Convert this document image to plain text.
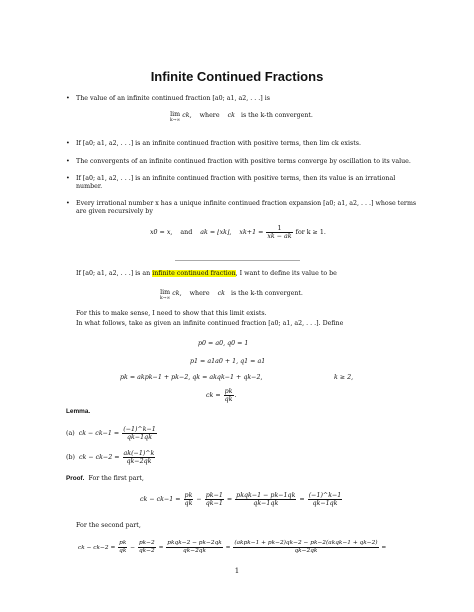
Infinite Continued Fractions
• The value of an infinite continued fraction [a0; a1, a2, . . .] is
lim
k→∞
ck, where ck is the k-th convergent.
• If [a0; a1, a2, . . .] is an infinite continued fraction with positive terms, then lim ck exists.
• The convergents of an infinite continued fraction with positive terms converge by oscillation to its value.
• If [a0; a1, a2, . . .] is an infinite continued fraction with positive terms, then its value is an irrational number.
• Every irrational number x has a unique infinite continued fraction expansion [a0; a1, a2, . . .] whose terms are given recursively by
x0 = x, and ak = ⌊xk⌋, $xk+1 = \frac{1}{xk - ak}$ for k ≥ 1.
If [a0; a1, a2, . . .] is an infinite continued fraction, I want to define its value to be
lim
k→∞
ck, where ck is the k-th convergent.
For this to make sense, I need to show that this limit exists.
In what follows, take as given an infinite continued fraction [a0; a1, a2, . . .]. Define
p0 = a0, q0 = 1
p1 = a1a0 + 1, q1 = a1
pk = akpk−1 + pk−2, qk = akqk−1 + qk−2,	k ≥ 2,
ck = $\frac{pk}{qk}$ .
Lemma.
(a) ck − $ck-1 = \frac{(-1)\^{}k-1}{qk-1qk}$
(b) ck − $ck-2 = \frac{ak(-1)\^{}k}{qk-2qk}$
Proof. For the first part,
ck − $ck-1 = \frac{pk}{qk} - \frac{pk-1}{qk-1} = \frac{\text{pkqk−1 − pk−1qk}}{qk-1qk} = \frac{(-1)\^{}k-1}{qk-1qk}$
For the second part,
ck − $ck-2 = \frac{pk}{qk} - \frac{pk-2}{qk-2} = \frac{\text{pkqk−2 − pk−2qk}}{qk-2qk} = \frac{\text{(akpk−1 + pk−2)qk−2 − pk−2(akqk−1 + qk−2)}}{qk-2qk}$ =
1
